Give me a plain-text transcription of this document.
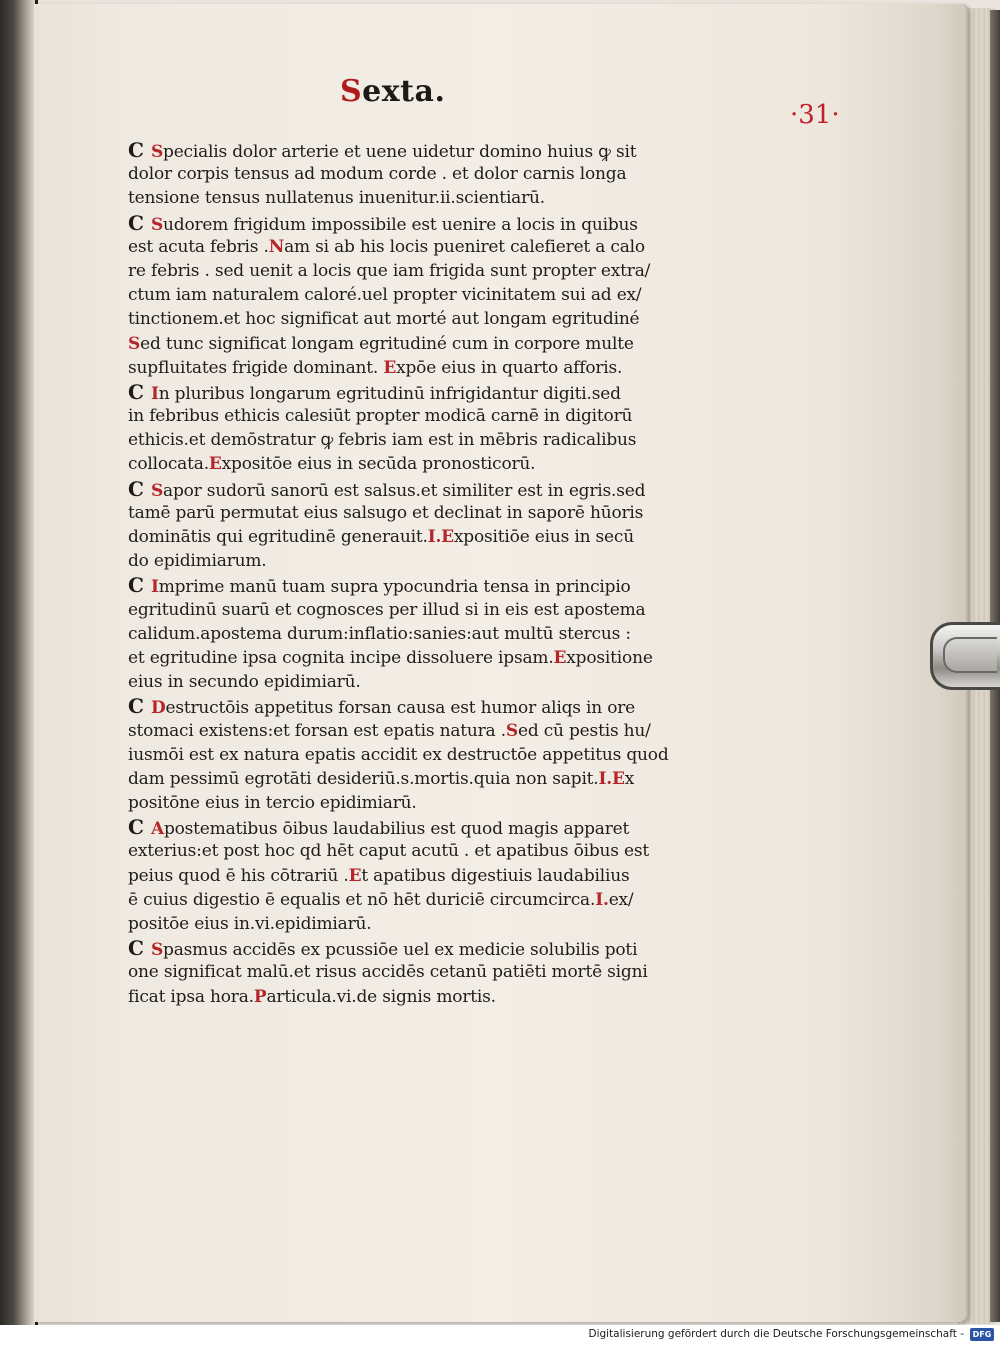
Sexta.
·31·
C Specialis dolor arterie et uene uidetur domino huius ꝙ sit
dolor corpis tensus ad modum corde . et dolor carnis longa
tensione tensus nullatenus inuenitur.ii.scientiarū.
C Sudorem frigidum impossibile est uenire a locis in quibus
est acuta febris .Nam si ab his locis pueniret calefieret a calo
re febris . sed uenit a locis que iam frigida sunt propter extra/
ctum iam naturalem caloré.uel propter vicinitatem sui ad ex/
tinctionem.et hoc significat aut morté aut longam egritudiné
Sed tunc significat longam egritudiné cum in corpore multe
supfluitates frigide dominant. Expōe eius in quarto afforis.
C In pluribus longarum egritudinū infrigidantur digiti.sed
in febribus ethicis calesiūt propter modicā carnē in digitorū
ethicis.et demōstratur ꝙ febris iam est in mēbris radicalibus
collocata.Expositōe eius in secūda pronosticorū.
C Sapor sudorū sanorū est salsus.et similiter est in egris.sed
tamē parū permutat eius salsugo et declinat in saporē hūoris
dominātis qui egritudinē generauit.I.Expositiōe eius in secū
do epidimiarum.
C Imprime manū tuam supra ypocundria tensa in principio
egritudinū suarū et cognosces per illud si in eis est apostema
calidum.apostema durum:inflatio:sanies:aut multū stercus :
et egritudine ipsa cognita incipe dissoluere ipsam.Expositione
eius in secundo epidimiarū.
C Destructōis appetitus forsan causa est humor aliqs in ore
stomaci existens:et forsan est epatis natura .Sed cū pestis hu/
iusmōi est ex natura epatis accidit ex destructōe appetitus quod
dam pessimū egrotāti desideriū.s.mortis.quia non sapit.I.Ex
positōne eius in tercio epidimiarū.
C Apostematibus ōibus laudabilius est quod magis apparet
exterius:et post hoc qd hēt caput acutū . et apatibus ōibus est
peius quod ē his cōtrariū .Et apatibus digestiuis laudabilius
ē cuius digestio ē equalis et nō hēt duriciē circumcirca.I.ex/
positōe eius in.vi.epidimiarū.
C Spasmus accidēs ex pcussiōe uel ex medicie solubilis poti
one significat malū.et risus accidēs cetanū patiēti mortē signi
ficat ipsa hora.Particula.vi.de signis mortis.
Digitalisierung gefördert durch die Deutsche Forschungsgemeinschaft -	DFG
